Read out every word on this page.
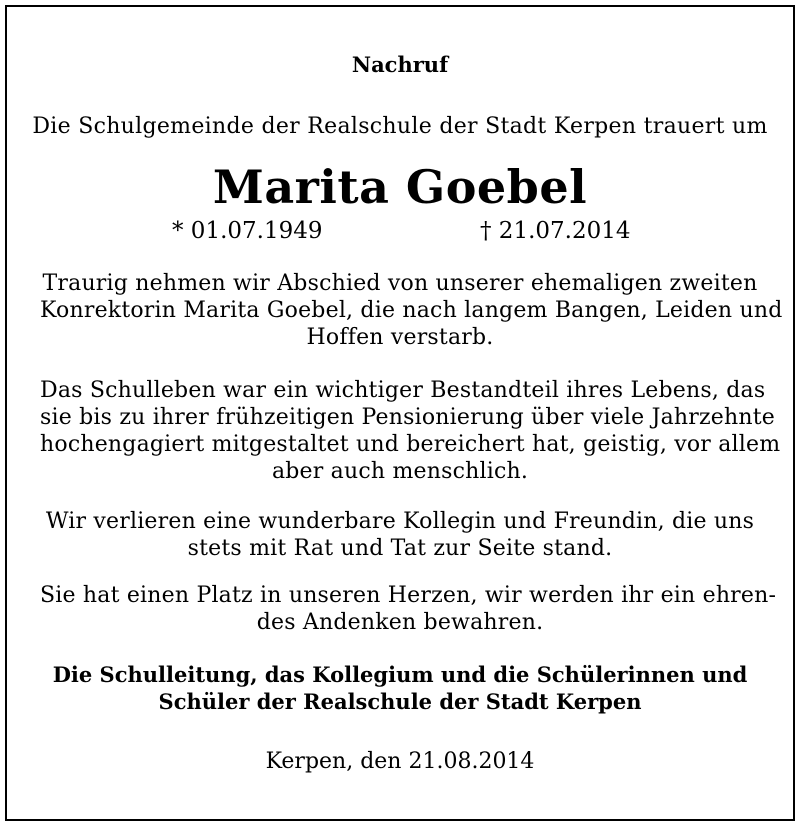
Nachruf
Die Schulgemeinde der Realschule der Stadt Kerpen trauert um
Marita Goebel
* 01.07.1949	† 21.07.2014
Traurig nehmen wir Abschied von unserer ehemaligen zweiten
Konrektorin Marita Goebel, die nach langem Bangen, Leiden und
Hoffen verstarb.
Das Schulleben war ein wichtiger Bestandteil ihres Lebens, das
sie bis zu ihrer frühzeitigen Pensionierung über viele Jahrzehnte
hochengagiert mitgestaltet und bereichert hat, geistig, vor allem
aber auch menschlich.
Wir verlieren eine wunderbare Kollegin und Freundin, die uns
stets mit Rat und Tat zur Seite stand.
Sie hat einen Platz in unseren Herzen, wir werden ihr ein ehren-
des Andenken bewahren.
Die Schulleitung, das Kollegium und die Schülerinnen und
Schüler der Realschule der Stadt Kerpen
Kerpen, den 21.08.2014
